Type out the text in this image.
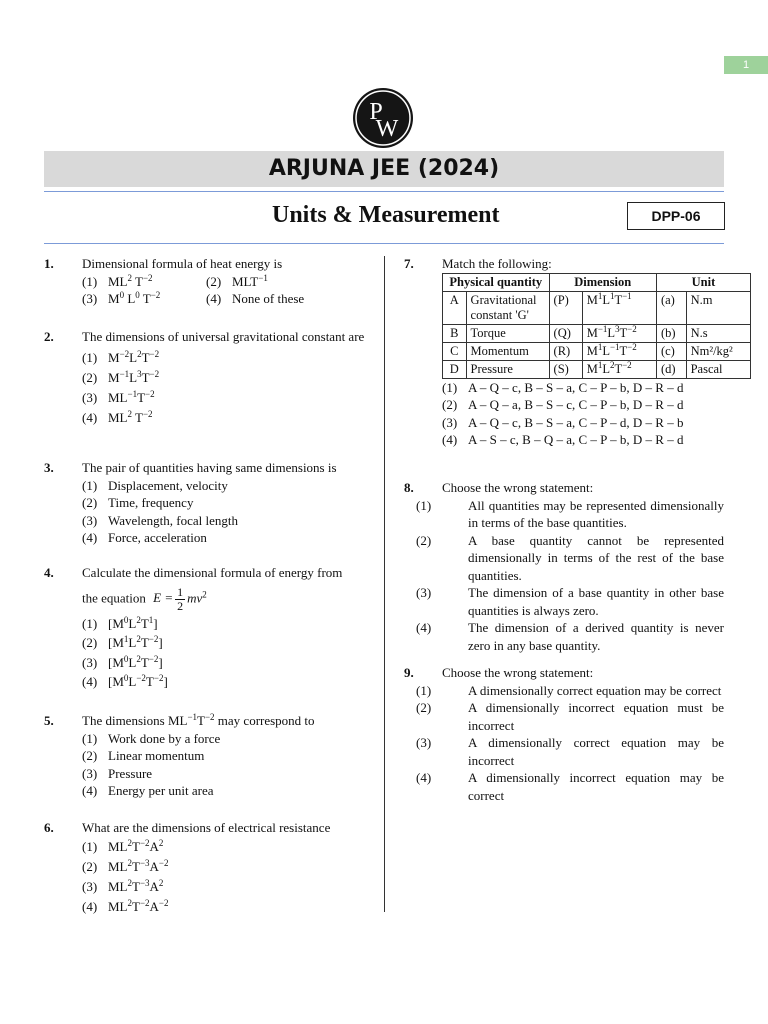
1
P
W
ARJUNA JEE (2024)
Units & Measurement	DPP-06
1. Dimensional formula of heat energy is
(1) $ML^2$ $T^{-2}$	(2) $MLT^{-1}$
(3) $M^0$ $L^0$ $T^{-2}$	(4) None of these
2. The dimensions of universal gravitational constant are
(1) $M^{-2}L^2T^{-2}$
(2) $M^{-1}L^3T^{-2}$
(3) $ML^{-1}T^{-2}$
(4) $ML^2$ $T^{-2}$
3. The pair of quantities having same dimensions is
(1) Displacement, velocity
(2) Time, frequency
(3) Wavelength, focal length
(4) Force, acceleration
4. Calculate the dimensional formula of energy from
the equation $E = \frac{1}{2} mv^2$
(1) $[M^0L^2T^1]$
(2) $[M^1L^2T^{-2}]$
(3) $[M^0L^2T^{-2}]$
(4) $[M^0L^{-2}T^{-2}]$
5. The dimensions $ML^{-1}T^{-2}$ may correspond to
(1) Work done by a force
(2) Linear momentum
(3) Pressure
(4) Energy per unit area
6. What are the dimensions of electrical resistance
(1) $ML^2T^{-2}A^2$
(2) $ML^2T^{-3}A^{-2}$
(3) $ML^2T^{-3}A^2$
(4) $ML^2T^{-2}A^{-2}$
7. Match the following:
Physical quantity		Dimension		Unit	
A	Gravitational constant 'G'	(P)	$M^1L^1T^{-1}$	(a)	N.m
B	Torque	(Q)	$M^{-1}L^3T^{-2}$	(b)	N.s
C	Momentum	(R)	$M^1L^{-1}T^{-2}$	(c)	Nm²/kg²
D	Pressure	(S)	$M^1L^2T^{-2}$	(d)	Pascal
(1) A – Q – c, B – S – a, C – P – b, D – R – d
(2) A – Q – a, B – S – c, C – P – b, D – R – d
(3) A – Q – c, B – S – a, C – P – d, D – R – b
(4) A – S – c, B – Q – a, C – P – b, D – R – d
8. Choose the wrong statement:
(1)	All quantities may be represented dimensionally in terms of the base quantities.
(2)	A base quantity cannot be represented dimensionally in terms of the rest of the base quantities.
(3)	The dimension of a base quantity in other base quantities is always zero.
(4)	The dimension of a derived quantity is never zero in any base quantity.
9. Choose the wrong statement:
(1)	A dimensionally correct equation may be correct
(2)	A dimensionally incorrect equation must be incorrect
(3)	A dimensionally correct equation may be incorrect
(4)	A dimensionally incorrect equation may be correct
